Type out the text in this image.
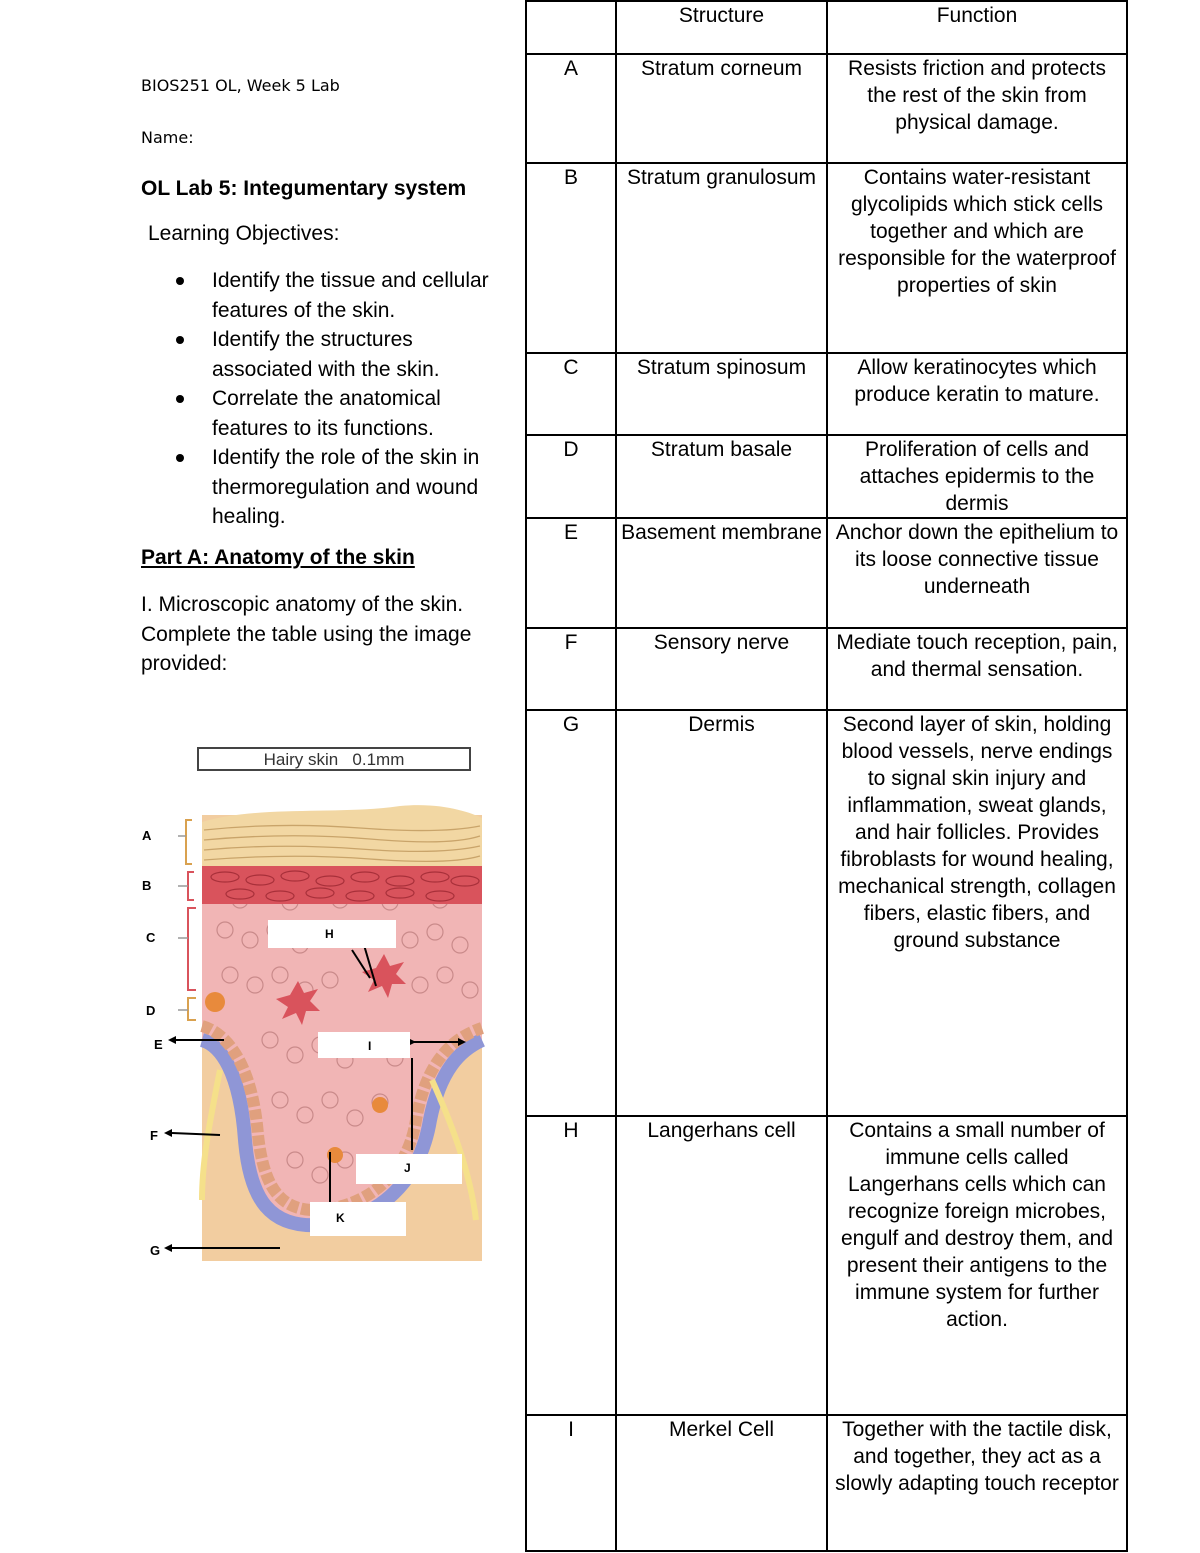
BIOS251 OL, Week 5 Lab
Name:
OL Lab 5: Integumentary system
Learning Objectives:
Identify the tissue and cellular features of the skin.
Identify the structures associated with the skin.
Correlate the anatomical features to its functions.
Identify the role of the skin in thermoregulation and wound healing.
Part A: Anatomy of the skin
I. Microscopic anatomy of the skin. Complete the table using the image provided:
Hairy skin   0.1mm
A
B
C
D
E
F
G
H
I
J
K
	Structure	Function
A	Stratum corneum	Resists friction and protects the rest of the skin from physical damage.
B	Stratum granulosum	Contains water-resistant glycolipids which stick cells together and which are responsible for the waterproof properties of skin
C	Stratum spinosum	Allow keratinocytes which produce keratin to mature.
D	Stratum basale	Proliferation of cells and attaches epidermis to the dermis
E	Basement membrane	Anchor down the epithelium to its loose connective tissue underneath
F	Sensory nerve	Mediate touch reception, pain, and thermal sensation.
G	Dermis	Second layer of skin, holding blood vessels, nerve endings to signal skin injury and inflammation, sweat glands, and hair follicles. Provides fibroblasts for wound healing, mechanical strength, collagen fibers, elastic fibers, and ground substance
H	Langerhans cell	Contains a small number of immune cells called Langerhans cells which can recognize foreign microbes, engulf and destroy them, and present their antigens to the immune system for further action.
I	Merkel Cell	Together with the tactile disk, and together, they act as a slowly adapting touch receptor
